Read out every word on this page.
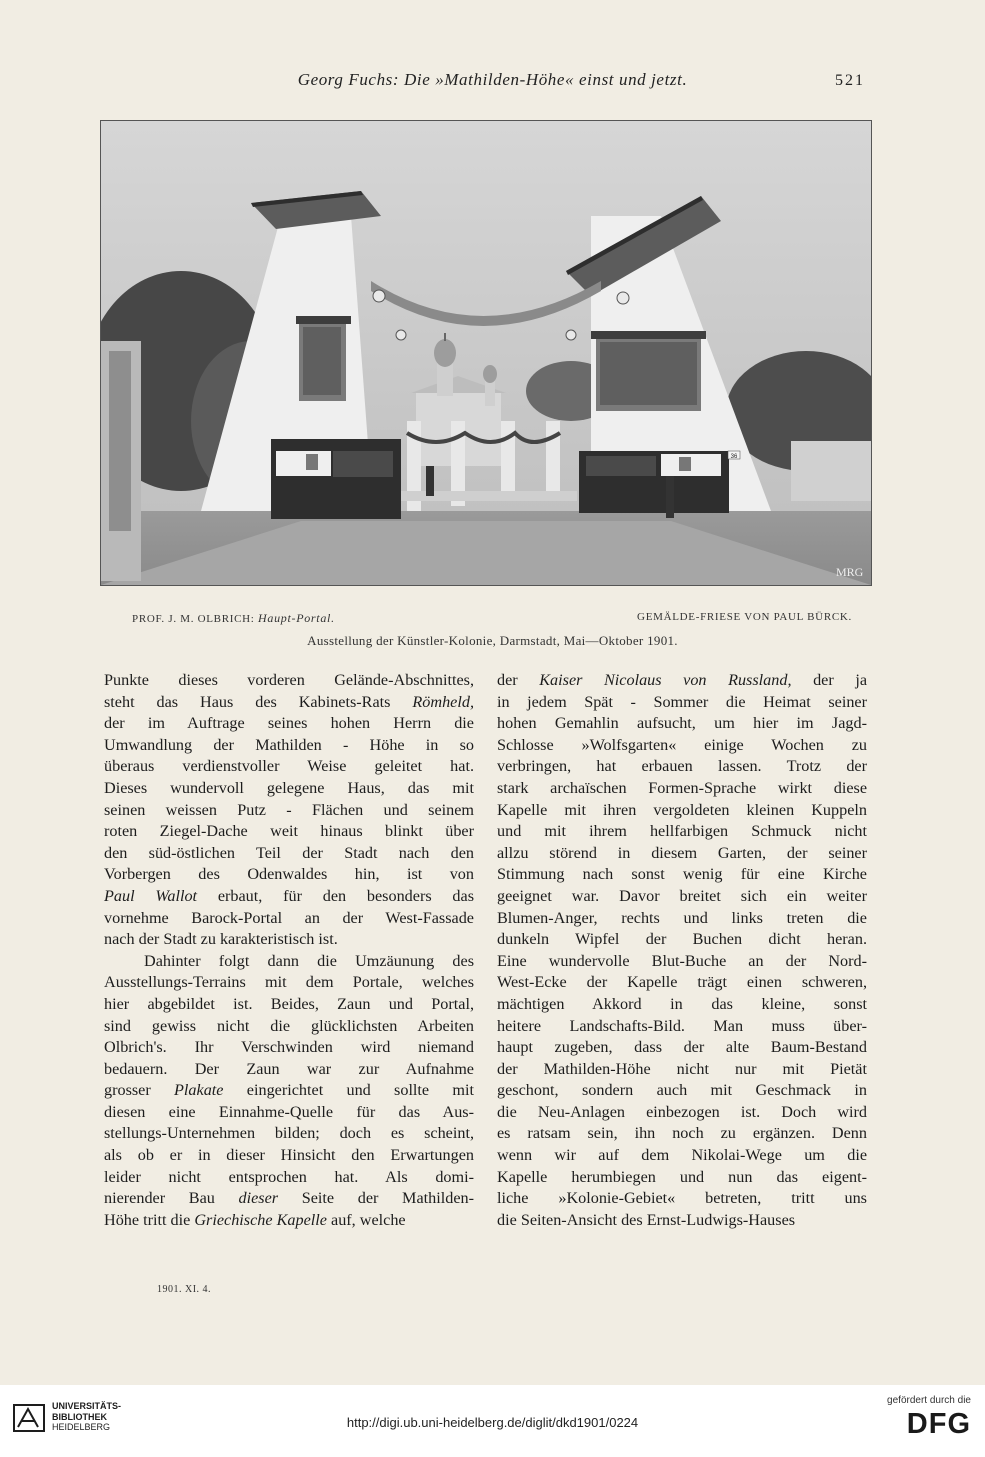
Georg Fuchs: Die »Mathilden-Höhe« einst und jetzt.	521
36
MRG
PROF. J. M. OLBRICH: Haupt-Portal.	GEMÄLDE-FRIESE VON PAUL BÜRCK.
Ausstellung der Künstler-Kolonie, Darmstadt, Mai—Oktober 1901.
Punkte dieses vorderen Gelände-Abschnittes,
steht das Haus des Kabinets-Rats Römheld,
der im Auftrage seines hohen Herrn die
Umwandlung der Mathilden - Höhe in so
überaus verdienstvoller Weise geleitet hat.
Dieses wundervoll gelegene Haus, das mit
seinen weissen Putz - Flächen und seinem
roten Ziegel-Dache weit hinaus blinkt über
den süd-östlichen Teil der Stadt nach den
Vorbergen des Odenwaldes hin, ist von
Paul Wallot erbaut, für den besonders das
vornehme Barock-Portal an der West-Fassade
nach der Stadt zu karakteristisch ist.
Dahinter folgt dann die Umzäunung des
Ausstellungs-Terrains mit dem Portale, welches
hier abgebildet ist. Beides, Zaun und Portal,
sind gewiss nicht die glücklichsten Arbeiten
Olbrich's. Ihr Verschwinden wird niemand
bedauern. Der Zaun war zur Aufnahme
grosser Plakate eingerichtet und sollte mit
diesen eine Einnahme-Quelle für das Aus-
stellungs-Unternehmen bilden; doch es scheint,
als ob er in dieser Hinsicht den Erwartungen
leider nicht entsprochen hat. Als domi-
nierender Bau dieser Seite der Mathilden-
Höhe tritt die Griechische Kapelle auf, welche
der Kaiser Nicolaus von Russland, der ja
in jedem Spät - Sommer die Heimat seiner
hohen Gemahlin aufsucht, um hier im Jagd-
Schlosse »Wolfsgarten« einige Wochen zu
verbringen, hat erbauen lassen. Trotz der
stark archaïschen Formen-Sprache wirkt diese
Kapelle mit ihren vergoldeten kleinen Kuppeln
und mit ihrem hellfarbigen Schmuck nicht
allzu störend in diesem Garten, der seiner
Stimmung nach sonst wenig für eine Kirche
geeignet war. Davor breitet sich ein weiter
Blumen-Anger, rechts und links treten die
dunkeln Wipfel der Buchen dicht heran.
Eine wundervolle Blut-Buche an der Nord-
West-Ecke der Kapelle trägt einen schweren,
mächtigen Akkord in das kleine, sonst
heitere Landschafts-Bild. Man muss über-
haupt zugeben, dass der alte Baum-Bestand
der Mathilden-Höhe nicht nur mit Pietät
geschont, sondern auch mit Geschmack in
die Neu-Anlagen einbezogen ist. Doch wird
es ratsam sein, ihn noch zu ergänzen. Denn
wenn wir auf dem Nikolai-Wege um die
Kapelle herumbiegen und nun das eigent-
liche »Kolonie-Gebiet« betreten, tritt uns
die Seiten-Ansicht des Ernst-Ludwigs-Hauses
1901. XI. 4.
UNIVERSITÄTS-
BIBLIOTHEK
HEIDELBERG	http://digi.ub.uni-heidelberg.de/diglit/dkd1901/0224
gefördert durch die
DFG
